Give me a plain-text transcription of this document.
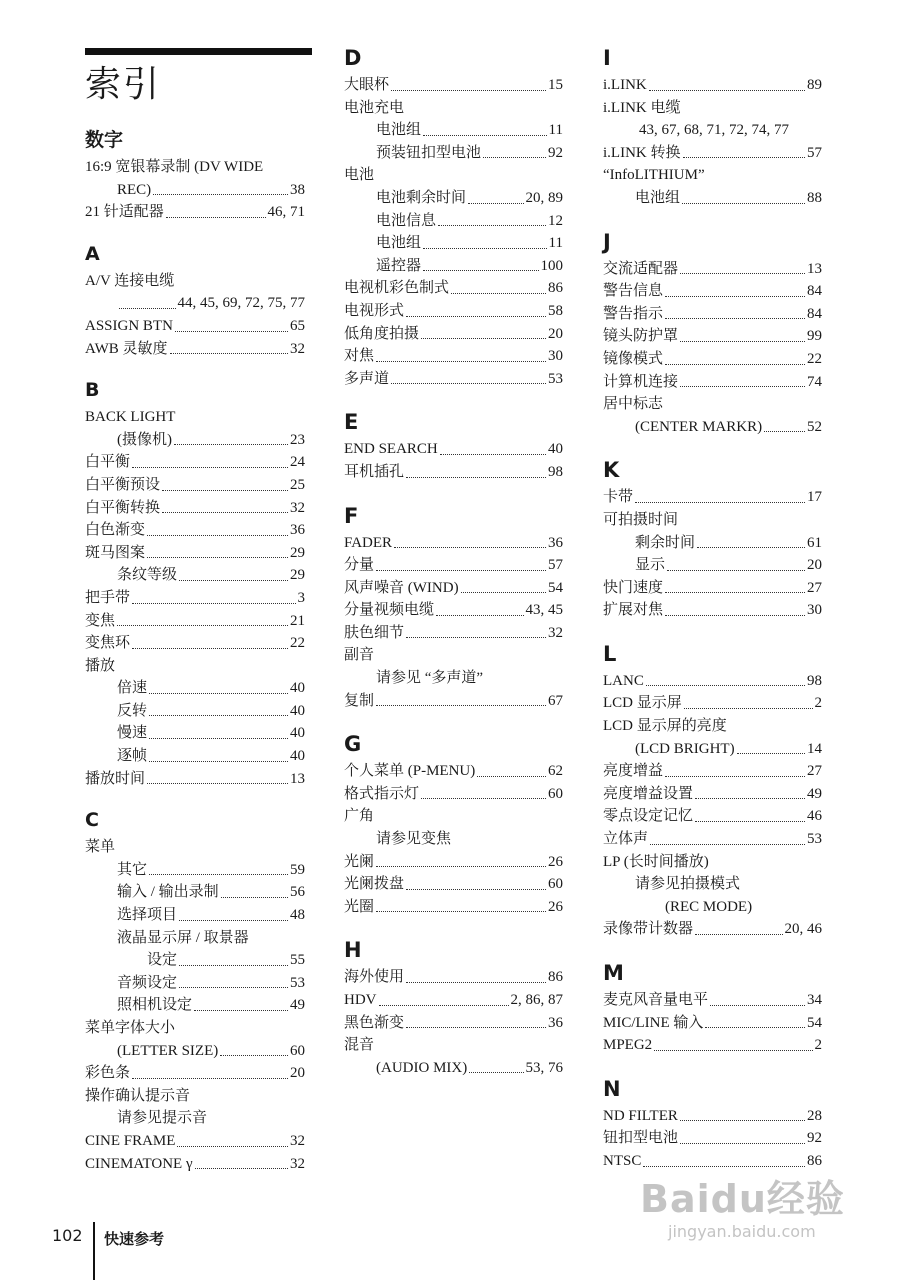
索引
数字
16:9 宽银幕录制 (DV WIDE
REC)	38
21 针适配器	46, 71
A
A/V 连接电缆
44, 45, 69, 72, 75, 77
ASSIGN BTN	65
AWB 灵敏度	32
B
BACK LIGHT
(摄像机)	23
白平衡	24
白平衡预设	25
白平衡转换	32
白色渐变	36
斑马图案	29
条纹等级	29
把手带	3
变焦	21
变焦环	22
播放
倍速	40
反转	40
慢速	40
逐帧	40
播放时间	13
C
菜单
其它	59
输入 / 输出录制	56
选择项目	48
液晶显示屏 / 取景器
设定	55
音频设定	53
照相机设定	49
菜单字体大小
(LETTER SIZE)	60
彩色条	20
操作确认提示音
请参见提示音
CINE FRAME	32
CINEMATONE γ	32
D
大眼杯	15
电池充电
电池组	11
预装钮扣型电池	92
电池
电池剩余时间	20, 89
电池信息	12
电池组	11
遥控器	100
电视机彩色制式	86
电视形式	58
低角度拍摄	20
对焦	30
多声道	53
E
END SEARCH	40
耳机插孔	98
F
FADER	36
分量	57
风声噪音 (WIND)	54
分量视频电缆	43, 45
肤色细节	32
副音
请参见 “多声道”
复制	67
G
个人菜单 (P-MENU)	62
格式指示灯	60
广角
请参见变焦
光阑	26
光阑拨盘	60
光圈	26
H
海外使用	86
HDV	2, 86, 87
黑色渐变	36
混音
(AUDIO MIX)	53, 76
I
i.LINK	89
i.LINK 电缆
43, 67, 68, 71, 72, 74, 77
i.LINK 转换	57
“InfoLITHIUM”
电池组	88
J
交流适配器	13
警告信息	84
警告指示	84
镜头防护罩	99
镜像模式	22
计算机连接	74
居中标志
(CENTER MARKR)	52
K
卡带	17
可拍摄时间
剩余时间	61
显示	20
快门速度	27
扩展对焦	30
L
LANC	98
LCD 显示屏	2
LCD 显示屏的亮度
(LCD BRIGHT)	14
亮度增益	27
亮度增益设置	49
零点设定记忆	46
立体声	53
LP (长时间播放)
请参见拍摄模式
(REC MODE)
录像带计数器	20, 46
M
麦克风音量电平	34
MIC/LINE 输入	54
MPEG2	2
N
ND FILTER	28
钮扣型电池	92
NTSC	86
102 快速参考
Baidu经验
jingyan.baidu.com
